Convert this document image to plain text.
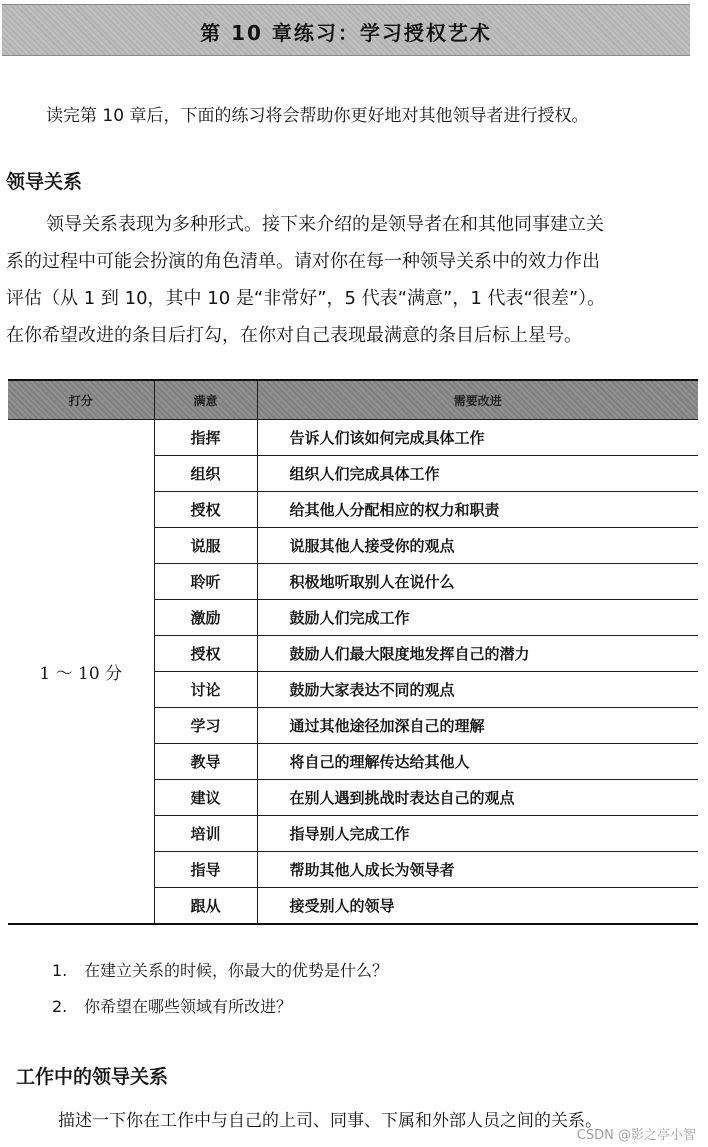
第 10 章练习：学习授权艺术
读完第 10 章后，下面的练习将会帮助你更好地对其他领导者进行授权。
领导关系

领导关系表现为多种形式。接下来介绍的是领导者在和其他同事建立关
系的过程中可能会扮演的角色清单。请对你在每一种领导关系中的效力作出
评估（从 1 到 10，其中 10 是“非常好”，5 代表“满意”，1 代表“很差”）。
在你希望改进的条目后打勾，在你对自己表现最满意的条目后标上星号。

打分	满意	需要改进
1 ～ 10 分	指挥	告诉人们该如何完成具体工作
	组织	组织人们完成具体工作
	授权	给其他人分配相应的权力和职责
	说服	说服其他人接受你的观点
	聆听	积极地听取别人在说什么
	激励	鼓励人们完成工作
	授权	鼓励人们最大限度地发挥自己的潜力
	讨论	鼓励大家表达不同的观点
	学习	通过其他途径加深自己的理解
	教导	将自己的理解传达给其他人
	建议	在别人遇到挑战时表达自己的观点
	培训	指导别人完成工作
	指导	帮助其他人成长为领导者
	跟从	接受别人的领导
1. 在建立关系的时候，你最大的优势是什么？
2. 你希望在哪些领域有所改进？
工作中的领导关系
描述一下你在工作中与自己的上司、同事、下属和外部人员之间的关系。
CSDN @影之亭小智
